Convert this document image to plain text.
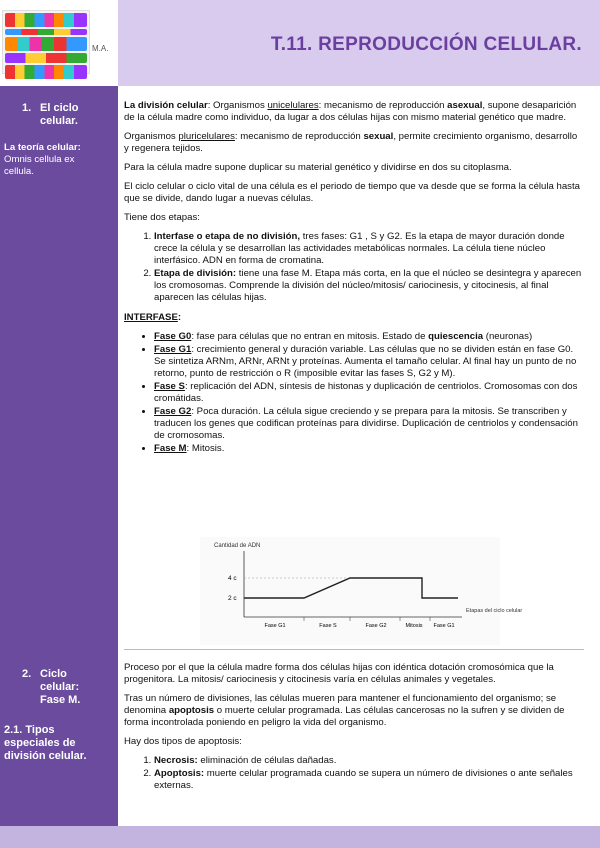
M.A.	T.11. REPRODUCCIÓN CELULAR.
1. El ciclo celular.
La teoría celular:
Omnis cellula ex cellula.
2. Ciclo celular: Fase M.
2.1. Tipos especiales de división celular.

La división celular: Organismos unicelulares: mecanismo de reproducción asexual, supone desaparición de la célula madre como individuo, da lugar a dos células hijas con mismo material genético que madre.

Organismos pluricelulares: mecanismo de reproducción sexual, permite crecimiento organismo, desarrollo y regenera tejidos.

Para la célula madre supone duplicar su material genético y dividirse en dos su citoplasma.

El ciclo celular o ciclo vital de una célula es el periodo de tiempo que va desde que se forma la célula hasta que se divide, dando lugar a nuevas células.

Tiene dos etapas:

1. Interfase o etapa de no división, tres fases: G1 , S y G2. Es la etapa de mayor duración donde crece la célula y se desarrollan las actividades metabólicas normales. La célula tiene núcleo interfásico. ADN en forma de cromatina.
2. Etapa de división: tiene una fase M. Etapa más corta, en la que el núcleo se desintegra y aparecen los cromosomas. Comprende la división del núcleo/mitosis/ cariocinesis, y citocinesis, al final aparecen las células hijas.

INTERFASE:

• Fase G0: fase para células que no entran en mitosis. Estado de quiescencia (neuronas)
• Fase G1: crecimiento general y duración variable. Las células que no se dividen están en fase G0. Se sintetiza ARNm, ARNr, ARNt y proteínas. Aumenta el tamaño celular. Al final hay un punto de no retorno, punto de restricción o R (imposible evitar las fases S, G2 y M).
• Fase S: replicación del ADN, síntesis de histonas y duplicación de centriolos. Cromosomas con dos cromátidas.
• Fase G2: Poca duración. La célula sigue creciendo y se prepara para la mitosis. Se transcriben y traducen los genes que codifican proteínas para dividirse. Duplicación de centriolos y condensación de cromosomas.
• Fase M: Mitosis.
Cantidad de ADN
4 c
2 c
Etapas del ciclo celular
Fase G1	Fase S	Fase G2	Mitosis Fase G1

Proceso por el que la célula madre forma dos células hijas con idéntica dotación cromosómica que la progenitora. La mitosis/ cariocinesis y citocinesis varía en células animales y vegetales.

Tras un número de divisiones, las células mueren para mantener el funcionamiento del organismo; se denomina apoptosis o muerte celular programada. Las células cancerosas no la sufren y se dividen de forma incontrolada poniendo en peligro la vida del organismo.

Hay dos tipos de apoptosis:

1. Necrosis: eliminación de células dañadas.
2. Apoptosis: muerte celular programada cuando se supera un número de divisiones o ante señales externas.
